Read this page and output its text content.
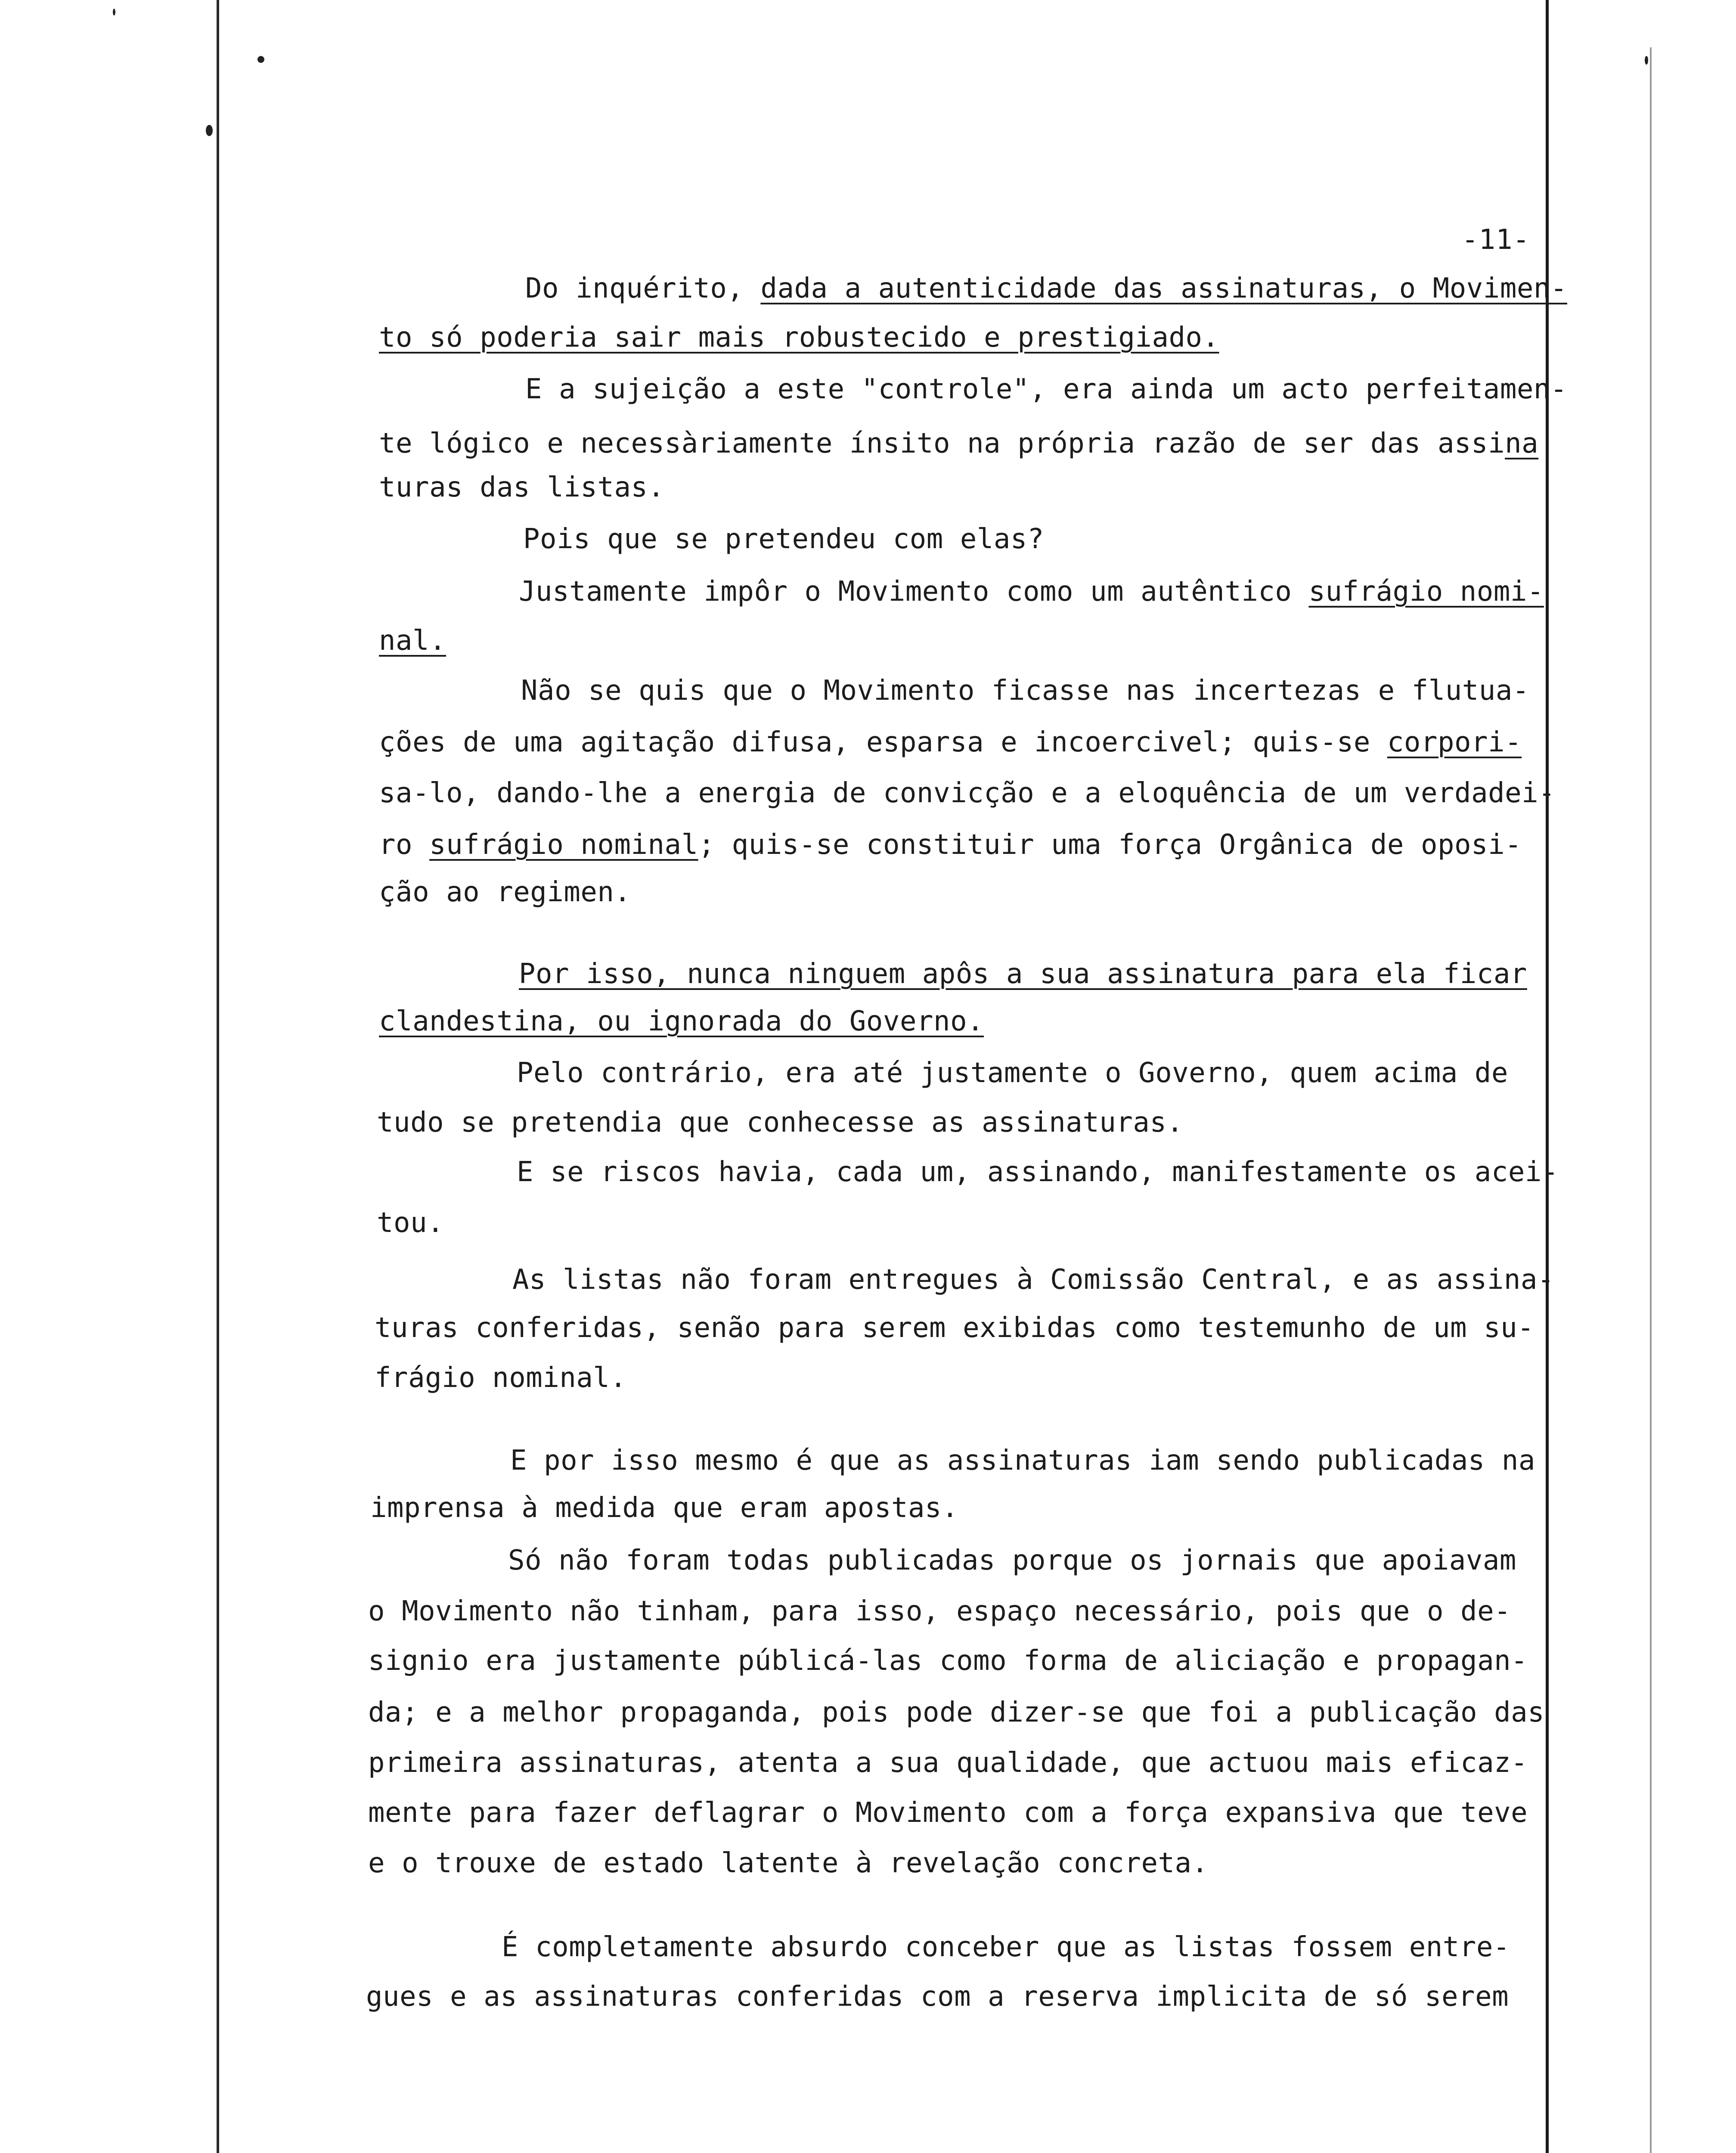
-11-
Do inquérito, dada a autenticidade das assinaturas, o Movimen-
to só poderia sair mais robustecido e prestigiado.
E a sujeição a este "controle", era ainda um acto perfeitamen-
te lógico e necessàriamente ínsito na própria razão de ser das assina
turas das listas.
Pois que se pretendeu com elas?
Justamente impôr o Movimento como um autêntico sufrágio nomi-
nal.
Não se quis que o Movimento ficasse nas incertezas e flutua-
ções de uma agitação difusa, esparsa e incoercivel; quis-se corpori-
sa-lo, dando-lhe a energia de convicção e a eloquência de um verdadei-
ro sufrágio nominal; quis-se constituir uma força Orgânica de oposi-
ção ao regimen.
Por isso, nunca ninguem apôs a sua assinatura para ela ficar
clandestina, ou ignorada do Governo.
Pelo contrário, era até justamente o Governo, quem acima de
tudo se pretendia que conhecesse as assinaturas.
E se riscos havia, cada um, assinando, manifestamente os acei-
tou.
As listas não foram entregues à Comissão Central, e as assina-
turas conferidas, senão para serem exibidas como testemunho de um su-
frágio nominal.
E por isso mesmo é que as assinaturas iam sendo publicadas na
imprensa à medida que eram apostas.
Só não foram todas publicadas porque os jornais que apoiavam
o Movimento não tinham, para isso, espaço necessário, pois que o de-
signio era justamente públicá-las como forma de aliciação e propagan-
da; e a melhor propaganda, pois pode dizer-se que foi a publicação das
primeira assinaturas, atenta a sua qualidade, que actuou mais eficaz-
mente para fazer deflagrar o Movimento com a força expansiva que teve
e o trouxe de estado latente à revelação concreta.
É completamente absurdo conceber que as listas fossem entre-
gues e as assinaturas conferidas com a reserva implicita de só serem
